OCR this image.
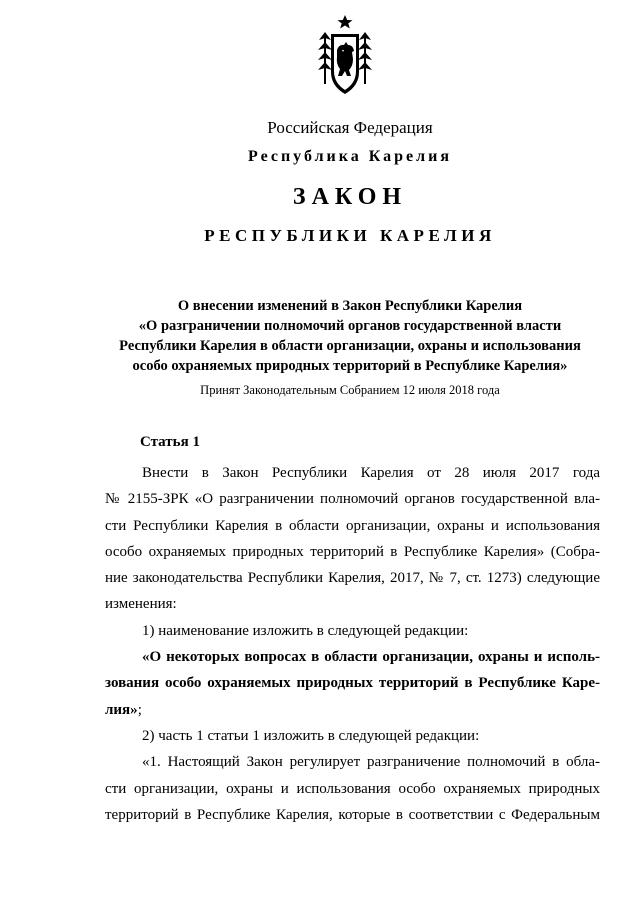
Российская Федерация
Республика Карелия
ЗАКОН
РЕСПУБЛИКИ КАРЕЛИЯ
О внесении изменений в Закон Республики Карелия
«О разграничении полномочий органов государственной власти
Республики Карелия в области организации, охраны и использования
особо охраняемых природных территорий в Республике Карелия»
Принят Законодательным Собранием 12 июля 2018 года
Статья 1
Внести в Закон Республики Карелия от 28 июля 2017 года
№ 2155-ЗРК «О разграничении полномочий органов государственной вла-
сти Республики Карелия в области организации, охраны и использования
особо охраняемых природных территорий в Республике Карелия» (Собра-
ние законодательства Республики Карелия, 2017, № 7, ст. 1273) следующие
изменения:
1) наименование изложить в следующей редакции:
«О некоторых вопросах в области организации, охраны и исполь-
зования особо охраняемых природных территорий в Республике Каре-
лия»;
2) часть 1 статьи 1 изложить в следующей редакции:
«1. Настоящий Закон регулирует разграничение полномочий в обла-
сти организации, охраны и использования особо охраняемых природных
территорий в Республике Карелия, которые в соответствии с Федеральным
